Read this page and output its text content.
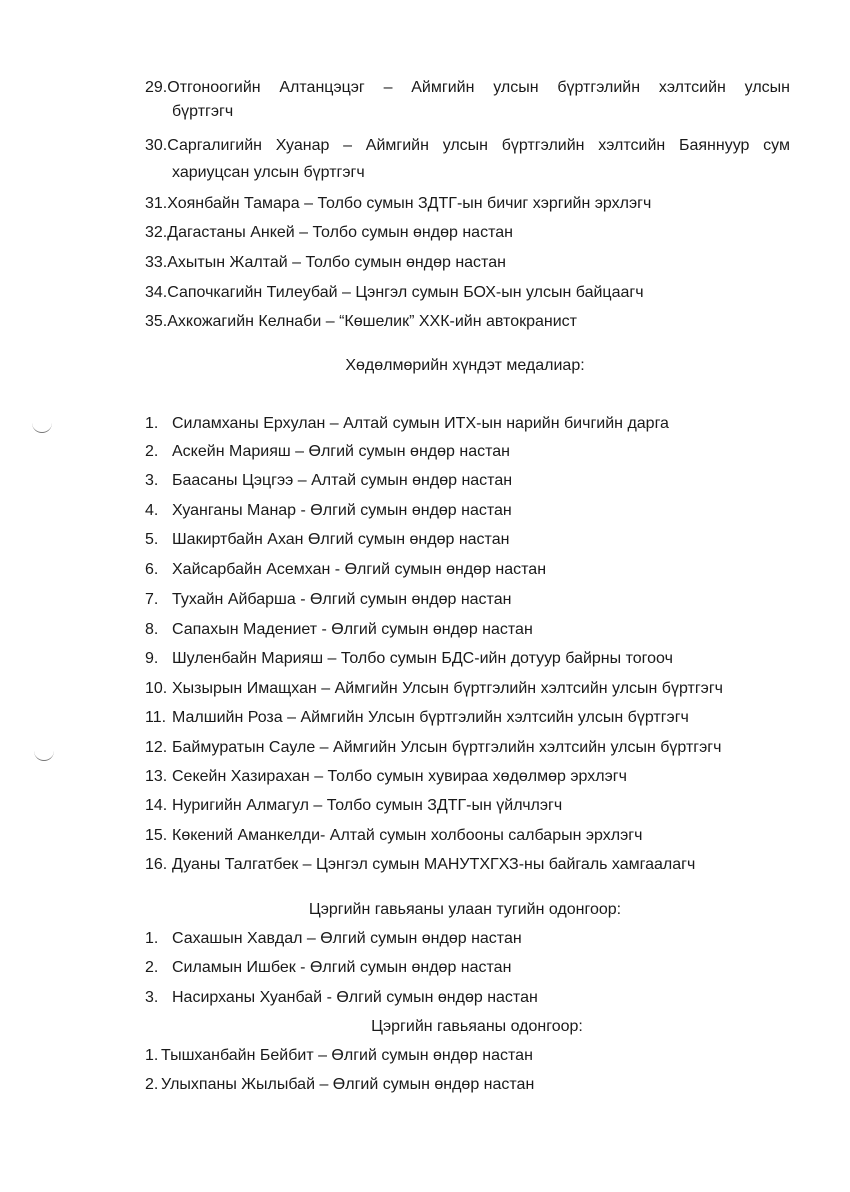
29.Отгоноогийн Алтанцэцэг – Аймгийн улсын бүртгэлийн хэлтсийн улсын
бүртгэгч
30.Саргалигийн Хуанар – Аймгийн улсын бүртгэлийн хэлтсийн Баяннуур сум
хариуцсан улсын бүртгэгч
31.Хоянбайн Тамара – Толбо сумын ЗДТГ-ын бичиг хэргийн эрхлэгч
32.Дагастаны Анкей – Толбо сумын өндөр настан
33.Ахытын Жалтай – Толбо сумын өндөр настан
34.Сапочкагийн Тилеубай – Цэнгэл сумын БОХ-ын улсын байцаагч
35.Ахкожагийн Келнаби – “Көшелик” ХХК-ийн автокранист
Хөдөлмөрийн хүндэт медалиар:
1. Силамханы Ерхулан – Алтай сумын ИТХ-ын нарийн бичгийн дарга
2. Аскейн Марияш – Өлгий сумын өндөр настан
3. Баасаны Цэцгээ – Алтай сумын өндөр настан
4. Хуанганы Манар - Өлгий сумын өндөр настан
5. Шакиртбайн Ахан Өлгий сумын өндөр настан
6. Хайсарбайн Асемхан - Өлгий сумын өндөр настан
7. Тухайн Айбарша - Өлгий сумын өндөр настан
8. Сапахын Мадениет - Өлгий сумын өндөр настан
9. Шуленбайн Марияш – Толбо сумын БДС-ийн дотуур байрны тогооч
10. Хызырын Имащхан – Аймгийн Улсын бүртгэлийн хэлтсийн улсын бүртгэгч
11. Малшийн Роза – Аймгийн Улсын бүртгэлийн хэлтсийн улсын бүртгэгч
12. Баймуратын Сауле – Аймгийн Улсын бүртгэлийн хэлтсийн улсын бүртгэгч
13. Секейн Хазирахан – Толбо сумын хувираа хөдөлмөр эрхлэгч
14. Нуригийн Алмагул – Толбо сумын ЗДТГ-ын үйлчлэгч
15. Көкений Аманкелди- Алтай сумын холбооны салбарын эрхлэгч
16. Дуаны Талгатбек – Цэнгэл сумын МАНУТХГХЗ-ны байгаль хамгаалагч
Цэргийн гавьяаны улаан тугийн одонгоор:
1. Сахашын Хавдал – Өлгий сумын өндөр настан
2. Силамын Ишбек - Өлгий сумын өндөр настан
3. Насирханы Хуанбай - Өлгий сумын өндөр настан
Цэргийн гавьяаны одонгоор:
1. Тышханбайн Бейбит – Өлгий сумын өндөр настан
2. Улыхпаны Жылыбай – Өлгий сумын өндөр настан
